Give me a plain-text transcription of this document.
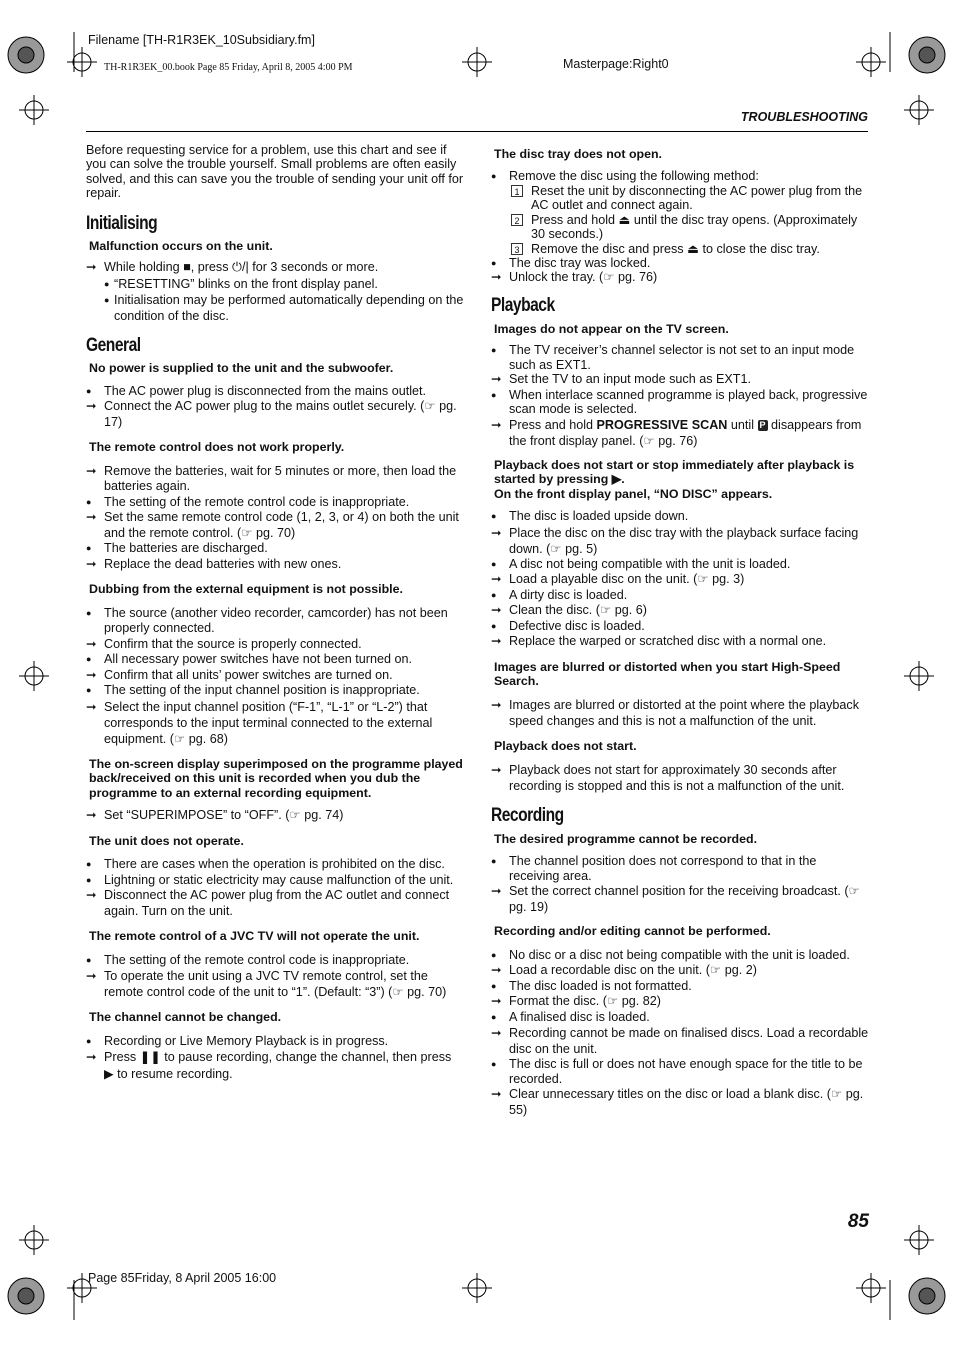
Filename [TH-R1R3EK_10Subsidiary.fm]
TH-R1R3EK_00.book Page 85 Friday, April 8, 2005 4:00 PM	Masterpage:Right0
TROUBLESHOOTING

Before requesting service for a problem, use this chart and see if you can solve the trouble yourself. Small problems are often easily solved, and this can save you the trouble of sending your unit off for repair.

Initialising

Malfunction occurs on the unit.

➞ While holding ■, press ⏻/| for 3 seconds or more.
● “RESETTING” blinks on the front display panel.
● Initialisation may be performed automatically depending on the condition of the disc.
General

No power is supplied to the unit and the subwoofer.

● The AC power plug is disconnected from the mains outlet.
➞ Connect the AC power plug to the mains outlet securely. (☞ pg. 17)

The remote control does not work properly.

➞ Remove the batteries, wait for 5 minutes or more, then load the batteries again.
● The setting of the remote control code is inappropriate.
➞ Set the same remote control code (1, 2, 3, or 4) on both the unit and the remote control. (☞ pg. 70)
● The batteries are discharged.
➞ Replace the dead batteries with new ones.

Dubbing from the external equipment is not possible.

● The source (another video recorder, camcorder) has not been properly connected.
➞ Confirm that the source is properly connected.
● All necessary power switches have not been turned on.
➞ Confirm that all units’ power switches are turned on.
● The setting of the input channel position is inappropriate.
➞ Select the input channel position (“F-1”, “L-1” or “L-2”) that corresponds to the input terminal connected to the external equipment. (☞ pg. 68)

The on-screen display superimposed on the programme played back/received on this unit is recorded when you dub the programme to an external recording equipment.

➞ Set “SUPERIMPOSE” to “OFF”. (☞ pg. 74)

The unit does not operate.

● There are cases when the operation is prohibited on the disc.
● Lightning or static electricity may cause malfunction of the unit.
➞ Disconnect the AC power plug from the AC outlet and connect again. Turn on the unit.

The remote control of a JVC TV will not operate the unit.

● The setting of the remote control code is inappropriate.
➞ To operate the unit using a JVC TV remote control, set the remote control code of the unit to “1”. (Default: “3”) (☞ pg. 70)

The channel cannot be changed.

● Recording or Live Memory Playback is in progress.
➞ Press ❚❚ to pause recording, change the channel, then press ▶ to resume recording.

The disc tray does not open.

● Remove the disc using the following method:
1 Reset the unit by disconnecting the AC power plug from the AC outlet and connect again.
2 Press and hold ⏏ until the disc tray opens. (Approximately 30 seconds.)
3 Remove the disc and press ⏏ to close the disc tray.
● The disc tray was locked.
➞ Unlock the tray. (☞ pg. 76)
Playback

Images do not appear on the TV screen.

● The TV receiver’s channel selector is not set to an input mode such as EXT1.
➞ Set the TV to an input mode such as EXT1.
● When interlace scanned programme is played back, progressive scan mode is selected.
➞ Press and hold PROGRESSIVE SCAN until P disappears from the front display panel. (☞ pg. 76)

Playback does not start or stop immediately after playback is started by pressing ▶.

On the front display panel, “NO DISC” appears.

● The disc is loaded upside down.
➞ Place the disc on the disc tray with the playback surface facing down. (☞ pg. 5)
● A disc not being compatible with the unit is loaded.
➞ Load a playable disc on the unit. (☞ pg. 3)
● A dirty disc is loaded.
➞ Clean the disc. (☞ pg. 6)
● Defective disc is loaded.
➞ Replace the warped or scratched disc with a normal one.

Images are blurred or distorted when you start High-Speed Search.

➞ Images are blurred or distorted at the point where the playback speed changes and this is not a malfunction of the unit.

Playback does not start.

➞ Playback does not start for approximately 30 seconds after recording is stopped and this is not a malfunction of the unit.
Recording

The desired programme cannot be recorded.

● The channel position does not correspond to that in the receiving area.
➞ Set the correct channel position for the receiving broadcast. (☞ pg. 19)

Recording and/or editing cannot be performed.

● No disc or a disc not being compatible with the unit is loaded.
➞ Load a recordable disc on the unit. (☞ pg. 2)
● The disc loaded is not formatted.
➞ Format the disc. (☞ pg. 82)
● A finalised disc is loaded.
➞ Recording cannot be made on finalised discs. Load a recordable disc on the unit.
● The disc is full or does not have enough space for the title to be recorded.
➞ Clear unnecessary titles on the disc or load a blank disc. (☞ pg. 55)
85
Page 85Friday, 8 April 2005 16:00
